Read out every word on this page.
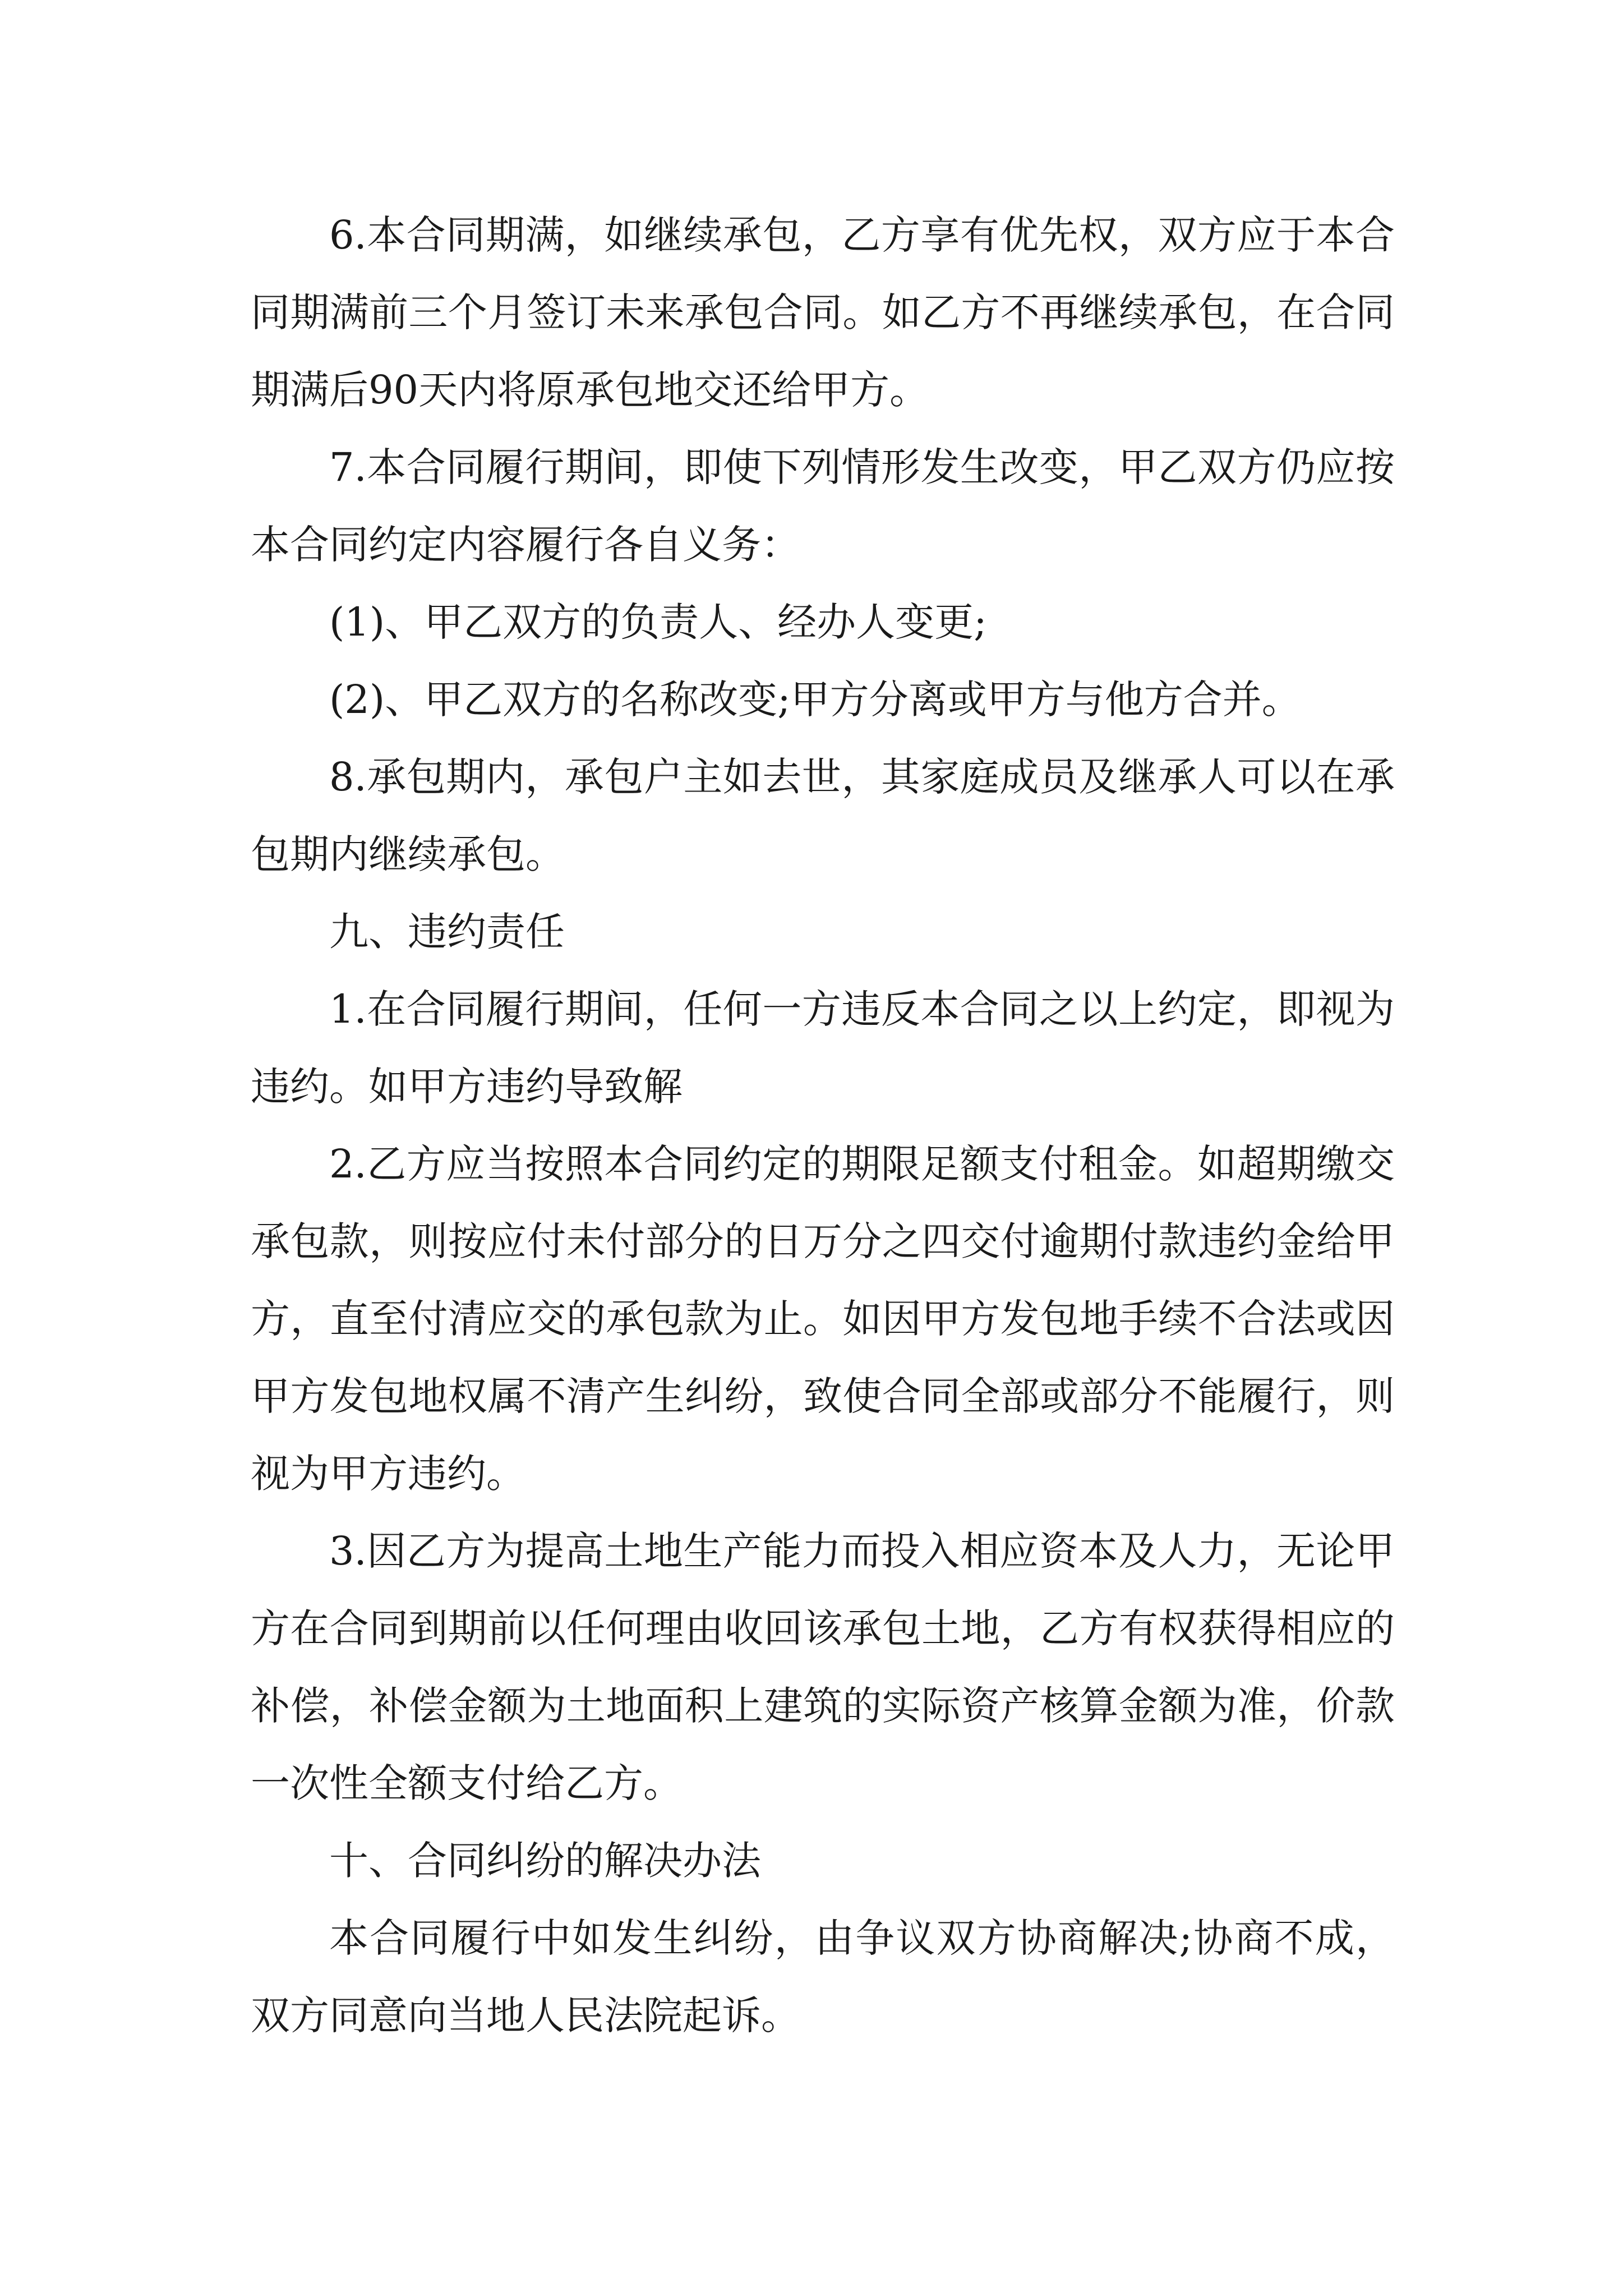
6.本合同期满，如继续承包，乙方享有优先权，双方应于本合同期满前三个月签订未来承包合同。如乙方不再继续承包，在合同期满后90天内将原承包地交还给甲方。

7.本合同履行期间，即使下列情形发生改变，甲乙双方仍应按本合同约定内容履行各自义务：

(1)、甲乙双方的负责人、经办人变更;

(2)、甲乙双方的名称改变;甲方分离或甲方与他方合并。

8.承包期内，承包户主如去世，其家庭成员及继承人可以在承包期内继续承包。

九、违约责任

1.在合同履行期间，任何一方违反本合同之以上约定，即视为违约。如甲方违约导致解

2.乙方应当按照本合同约定的期限足额支付租金。如超期缴交承包款，则按应付未付部分的日万分之四交付逾期付款违约金给甲方，直至付清应交的承包款为止。如因甲方发包地手续不合法或因甲方发包地权属不清产生纠纷，致使合同全部或部分不能履行，则视为甲方违约。

3.因乙方为提高土地生产能力而投入相应资本及人力，无论甲方在合同到期前以任何理由收回该承包土地，乙方有权获得相应的补偿，补偿金额为土地面积上建筑的实际资产核算金额为准，价款一次性全额支付给乙方。

十、合同纠纷的解决办法

本合同履行中如发生纠纷，由争议双方协商解决;协商不成，双方同意向当地人民法院起诉。
